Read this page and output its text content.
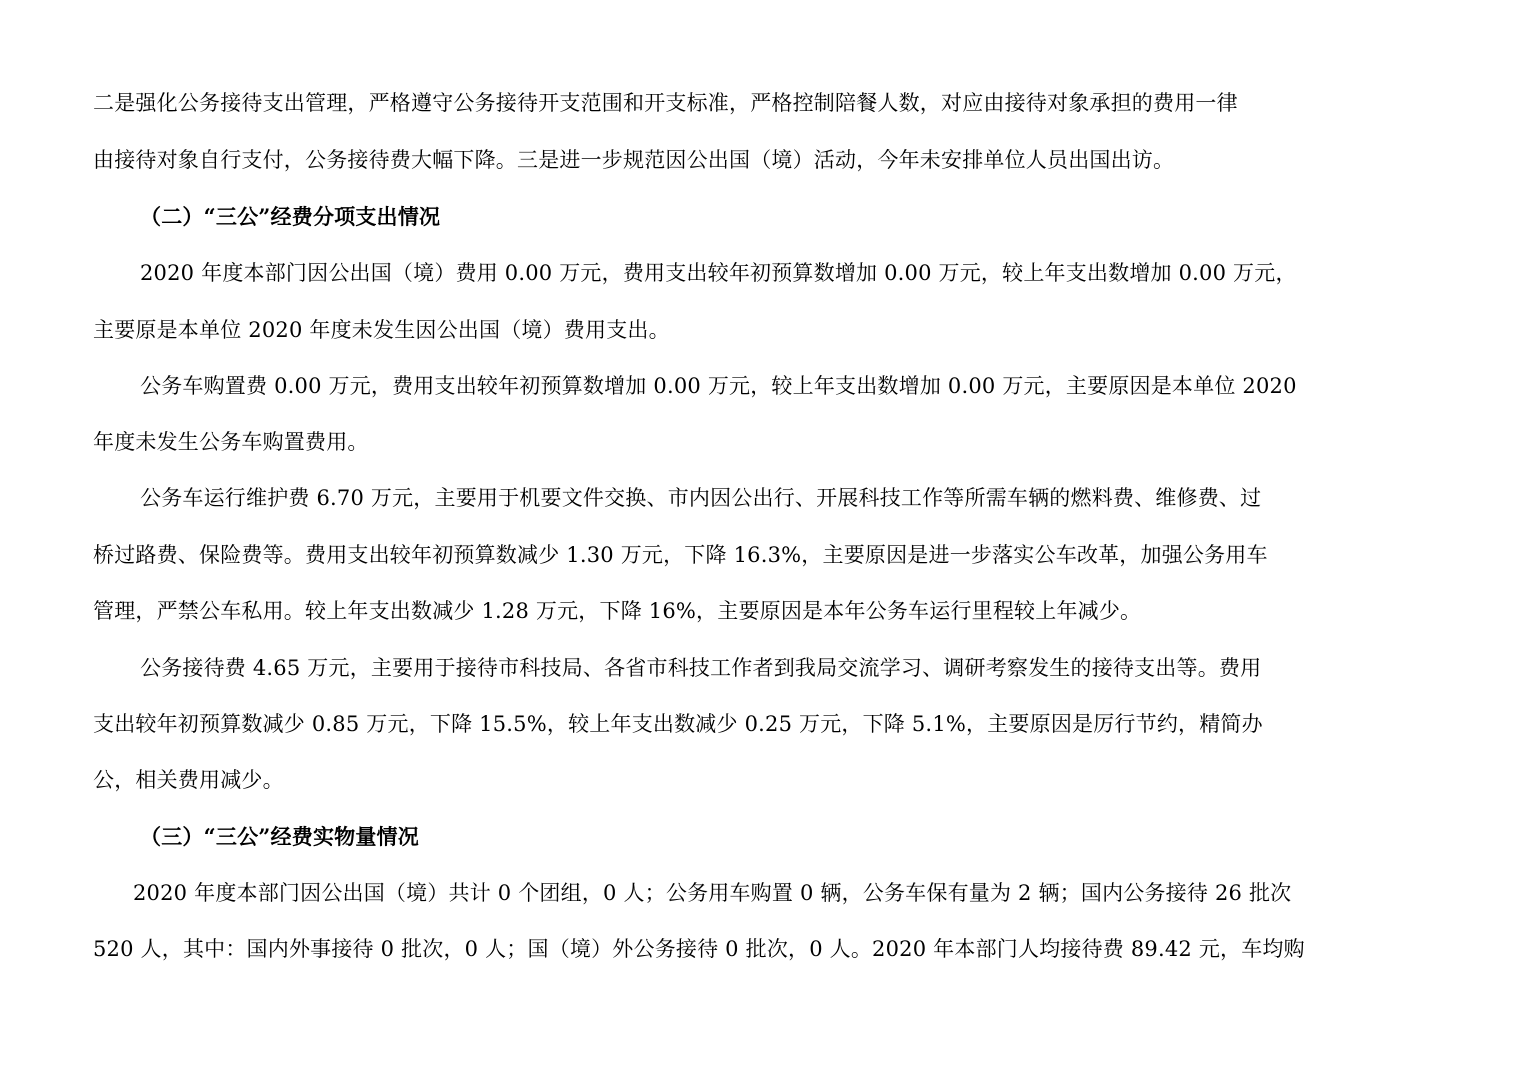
二是强化公务接待支出管理，严格遵守公务接待开支范围和开支标准，严格控制陪餐人数，对应由接待对象承担的费用一律
由接待对象自行支付，公务接待费大幅下降。三是进一步规范因公出国（境）活动，今年未安排单位人员出国出访。
（二）“三公”经费分项支出情况
2020 年度本部门因公出国（境）费用 0.00 万元，费用支出较年初预算数增加 0.00 万元，较上年支出数增加 0.00 万元，
主要原是本单位 2020 年度未发生因公出国（境）费用支出。
公务车购置费 0.00 万元，费用支出较年初预算数增加 0.00 万元，较上年支出数增加 0.00 万元，主要原因是本单位 2020
年度未发生公务车购置费用。
公务车运行维护费 6.70 万元，主要用于机要文件交换、市内因公出行、开展科技工作等所需车辆的燃料费、维修费、过
桥过路费、保险费等。费用支出较年初预算数减少 1.30 万元，下降 16.3%，主要原因是进一步落实公车改革，加强公务用车
管理，严禁公车私用。较上年支出数减少 1.28 万元，下降 16%，主要原因是本年公务车运行里程较上年减少。
公务接待费 4.65 万元，主要用于接待市科技局、各省市科技工作者到我局交流学习、调研考察发生的接待支出等。费用
支出较年初预算数减少 0.85 万元，下降 15.5%，较上年支出数减少 0.25 万元，下降 5.1%，主要原因是厉行节约，精简办
公，相关费用减少。
（三）“三公”经费实物量情况
2020 年度本部门因公出国（境）共计 0 个团组，0 人；公务用车购置 0 辆，公务车保有量为 2 辆；国内公务接待 26 批次
520 人，其中：国内外事接待 0 批次，0 人；国（境）外公务接待 0 批次，0 人。2020 年本部门人均接待费 89.42 元，车均购
